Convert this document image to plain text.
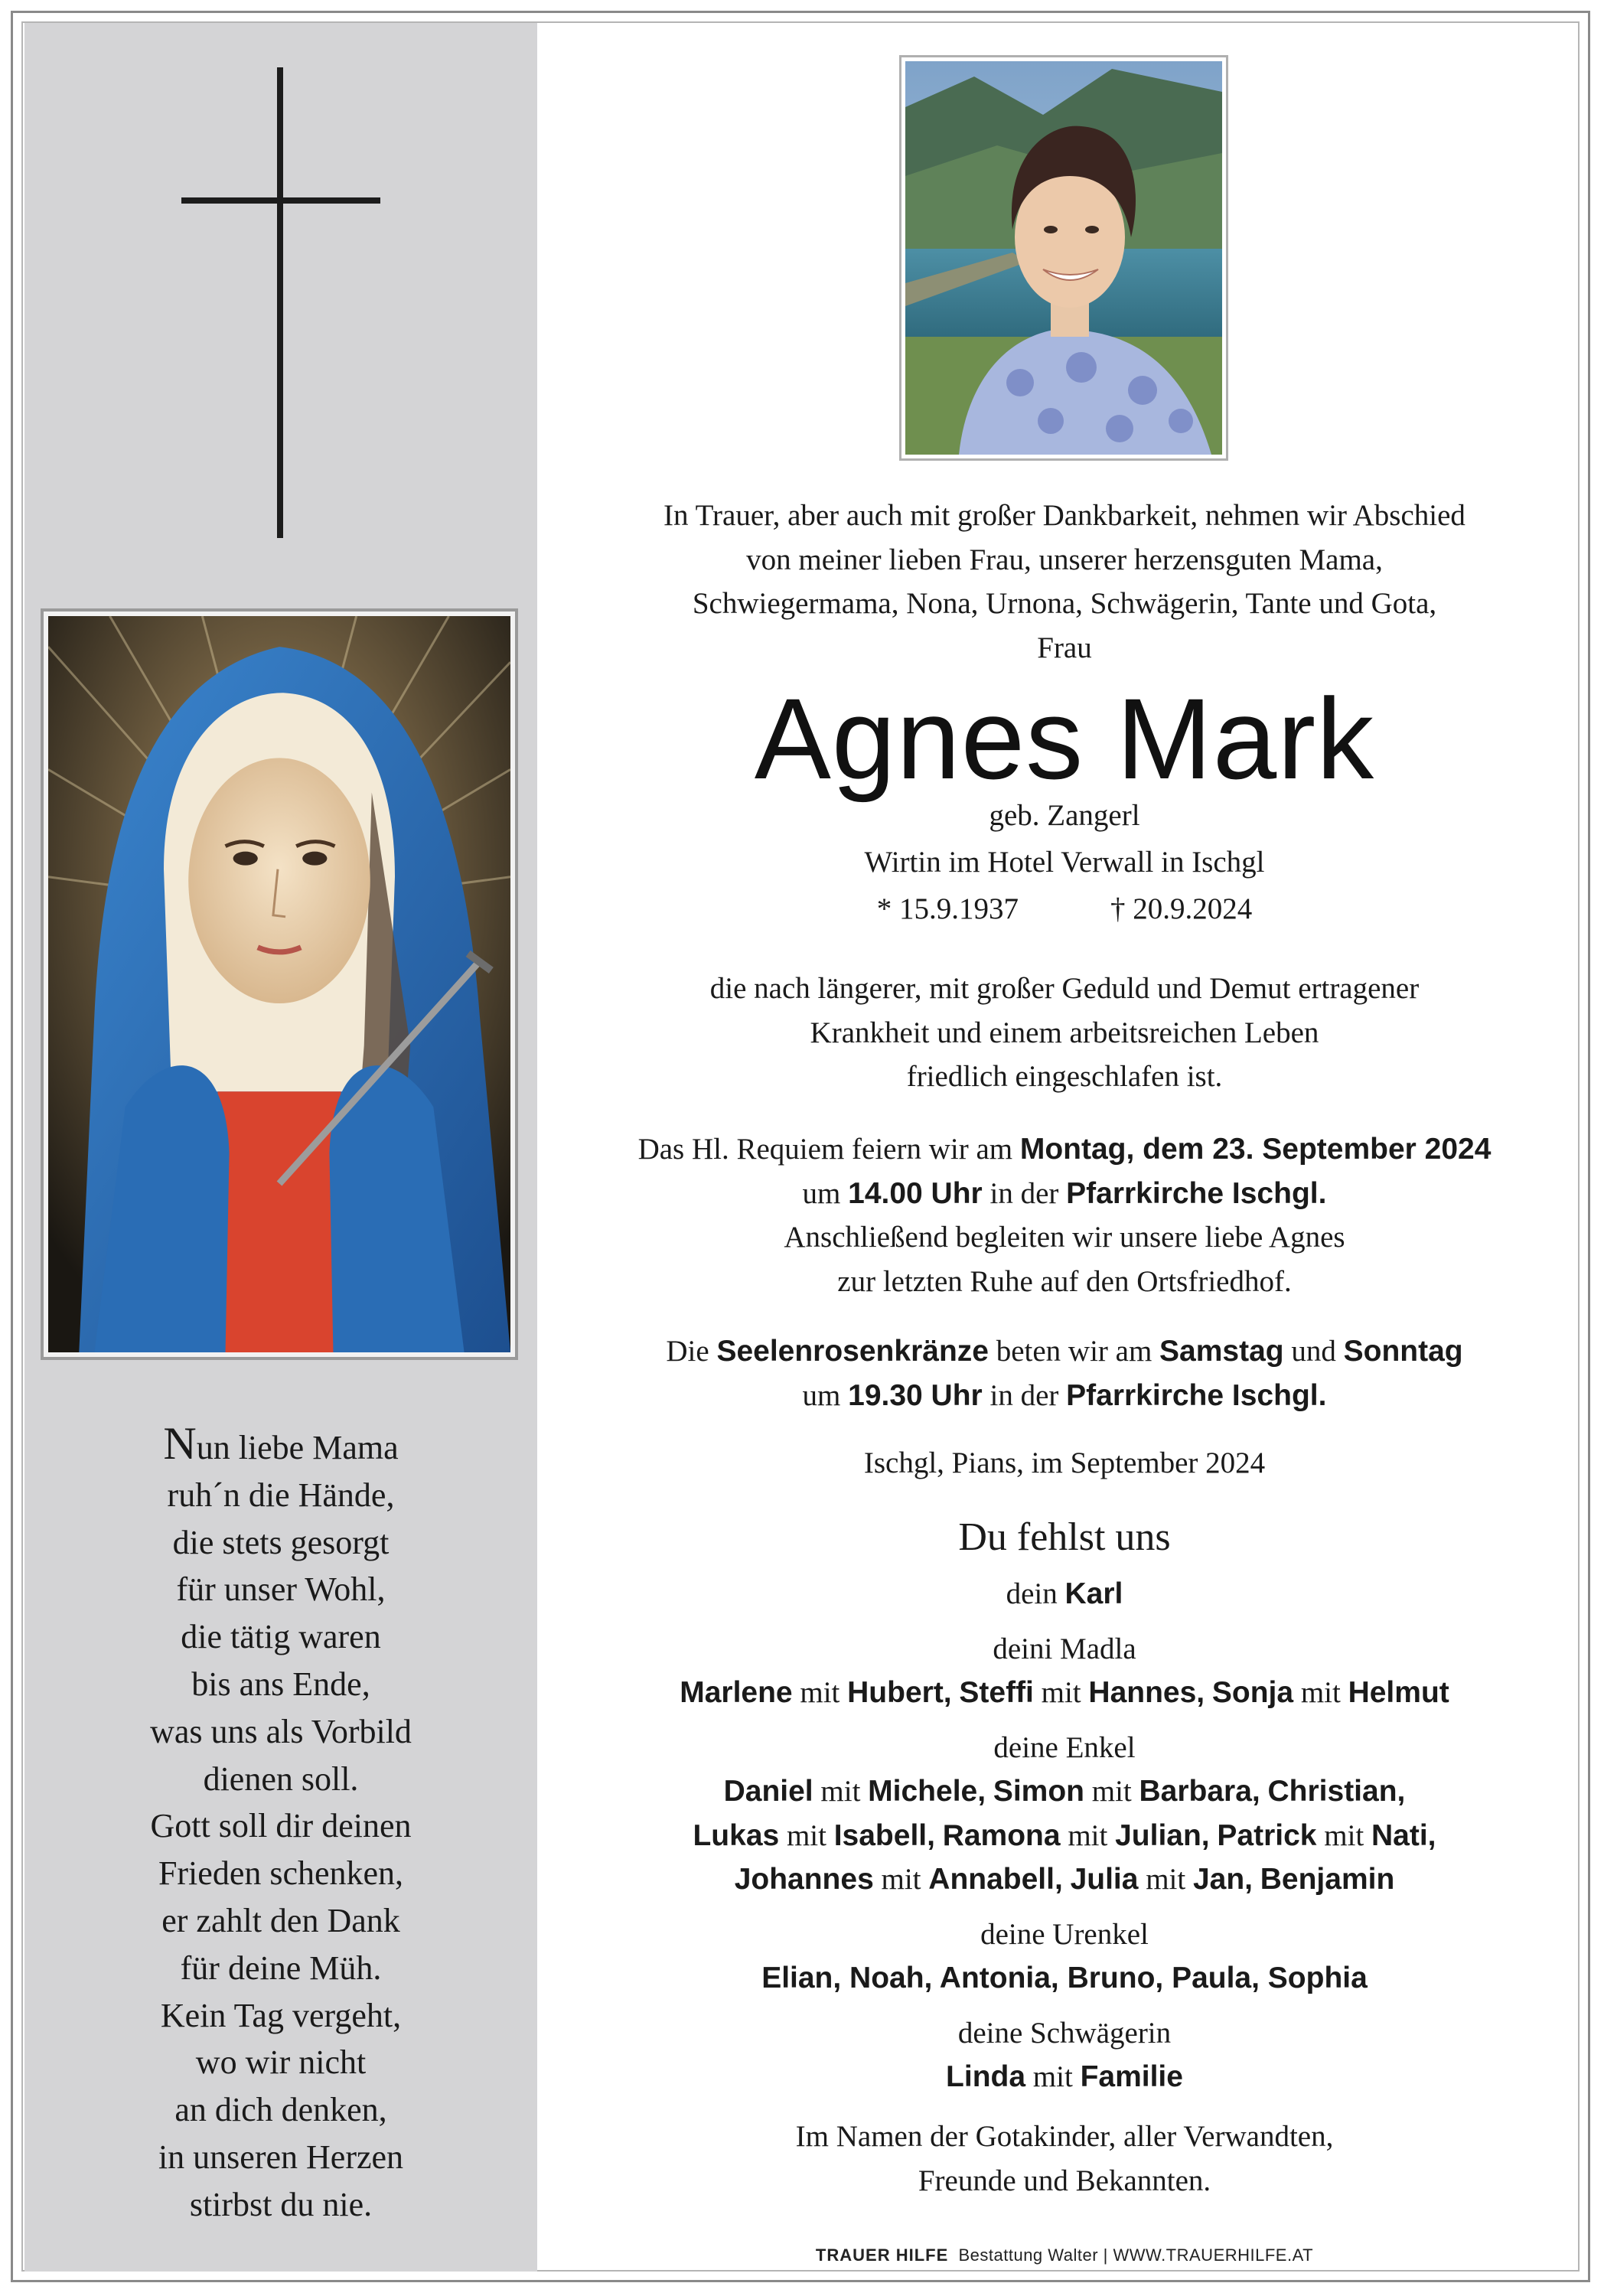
Nun liebe Mama
ruh´n die Hände,
die stets gesorgt
für unser Wohl,
die tätig waren
bis ans Ende,
was uns als Vorbild
dienen soll.
Gott soll dir deinen
Frieden schenken,
er zahlt den Dank
für deine Müh.
Kein Tag vergeht,
wo wir nicht
an dich denken,
in unseren Herzen
stirbst du nie.
In Trauer, aber auch mit großer Dankbarkeit, nehmen wir Abschied
von meiner lieben Frau, unserer herzensguten Mama,
Schwiegermama, Nona, Urnona, Schwägerin, Tante und Gota,
Frau
Agnes Mark
geb. Zangerl
Wirtin im Hotel Verwall in Ischgl
* 15.9.1937	† 20.9.2024
die nach längerer, mit großer Geduld und Demut ertragener
Krankheit und einem arbeitsreichen Leben
friedlich eingeschlafen ist.
Das Hl. Requiem feiern wir am Montag, dem 23. September 2024
um 14.00 Uhr in der Pfarrkirche Ischgl.
Anschließend begleiten wir unsere liebe Agnes
zur letzten Ruhe auf den Ortsfriedhof.
Die Seelenrosenkränze beten wir am Samstag und Sonntag
um 19.30 Uhr in der Pfarrkirche Ischgl.
Ischgl, Pians, im September 2024
Du fehlst uns
dein Karl
deini Madla
Marlene mit Hubert, Steffi mit Hannes, Sonja mit Helmut
deine Enkel
Daniel mit Michele, Simon mit Barbara, Christian,
Lukas mit Isabell, Ramona mit Julian, Patrick mit Nati,
Johannes mit Annabell, Julia mit Jan, Benjamin
deine Urenkel
Elian, Noah, Antonia, Bruno, Paula, Sophia
deine Schwägerin
Linda mit Familie
Im Namen der Gotakinder, aller Verwandten,
Freunde und Bekannten.
TRAUER HILFE Bestattung Walter | WWW.TRAUERHILFE.AT
